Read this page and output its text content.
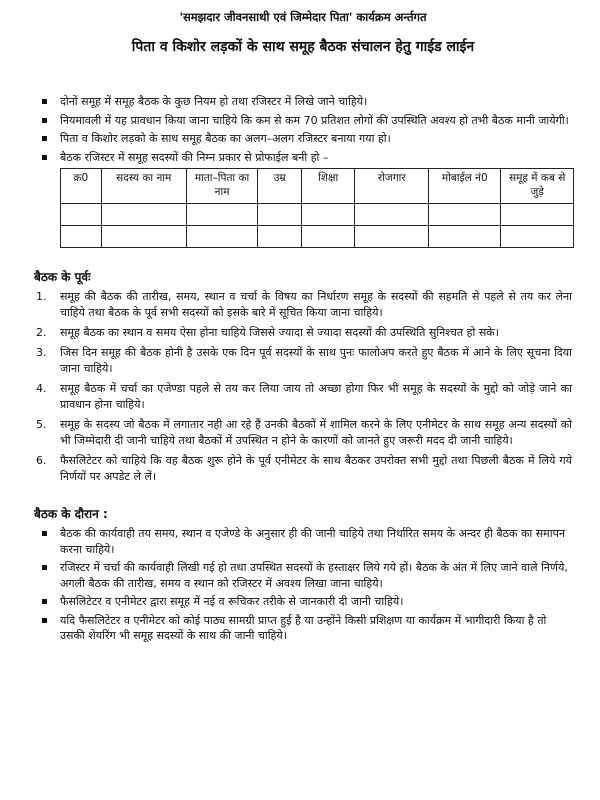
'समझदार जीवनसाथी एवं जिम्मेदार पिता' कार्यक्रम अर्न्तगत
पिता व किशोर लड़कों के साथ समूह बैठक संचालन हेतु गाईड लाईन
दोनों समूह में समूह बैठक के कुछ नियम हो तथा रजिस्टर में लिखे जाने चाहिये।
नियमावली में यह प्रावधान किया जाना चाहिये कि कम से कम 70 प्रतिशत लोगों की उपस्थिति अवश्य हो तभी बैठक मानी जायेगी।
पिता व किशोर लड़को के साथ समूह बैठक का अलग–अलग रजिस्टर बनाया गया हो।
बैठक रजिस्टर में समूह सदस्यों की निम्न प्रकार से प्रोफाईल बनी हो –
क्र0	सदस्य का नाम	माता–पिता का नाम	उम्र	शिक्षा	रोजगार	मोबाईल नं0	समूह में कब से जुड़े

बैठक के पूर्वः
1. समूह की बैठक की तारीख, समय, स्थान व चर्चा के विषय का निर्धारण समूह के सदस्यों की सहमति से पहले से तय कर लेना चाहिये तथा बैठक के पूर्व सभी सदस्यों को इसके बारे में सूचित किया जाना चाहिये।
2. समूह बैठक का स्थान व समय ऐसा होना चाहिये जिससे ज्यादा से ज्यादा सदस्यों की उपस्थिति सुनिश्चत हो सके।
3. जिस दिन समूह की बैठक होनी है उसके एक दिन पूर्व सदस्यों के साथ पुनः फालोअप करते हुए बैठक में आने के लिए सूचना दिया जाना चाहिये।
4. समूह बैठक में चर्चा का एजेण्डा पहले से तय कर लिया जाय तो अच्छा होगा फिर भी समूह के सदस्यों के मुद्दो को जोड़े जाने का प्रावधान होना चाहिये।
5. समूह के सदस्य जो बैठक में लगातार नही आ रहे हैं उनकी बैठकों में शामिल करने के लिए एनीमेटर के साथ समूह अन्य सदस्यों को भी जिम्मेदारी दी जानी चाहिये तथा बैठकों में उपस्थित न होने के कारणों को जानते हुए जरूरी मदद दी जानी चाहिये।
6. फैसलिटेटर को चाहिये कि वह बैठक शुरू होने के पूर्व एनीमेटर के साथ बैठकर उपरोक्त सभी मुद्दो तथा पिछली बैठक में लिये गये निर्णयों पर अपडेट ले लें।
बैठक के दौरान :
बैठक की कार्यवाही तय समय, स्थान व एजेण्डे के अनुसार ही की जानी चाहिये तथा निर्धारित समय के अन्दर ही बैठक का समापन करना चाहिये।
रजिस्टर में चर्चा की कार्यवाही लिखी गई हो तथा उपस्थित सदस्यों के हस्ताक्षर लिये गये हों। बैठक के अंत में लिए जाने वाले निर्णये, अगली बैठक की तारीख, समय व स्थान को रजिस्टर में अवश्य लिखा जाना चाहिये।
फैसलिटेटर व एनीमेटर द्वारा समूह में नई व रूचिकर तरीके से जानकारी दी जानी चाहिये।
यदि फैसलिटेटर व एनीमेटर को कोई पाठ्य सामग्री प्राप्त हुई है या उन्होंने किसी प्रशिक्षण या कार्यक्रम में भागीदारी किया है तो उसकी शेयरिंग भी समूह सदस्यों के साथ की जानी चाहिये।
